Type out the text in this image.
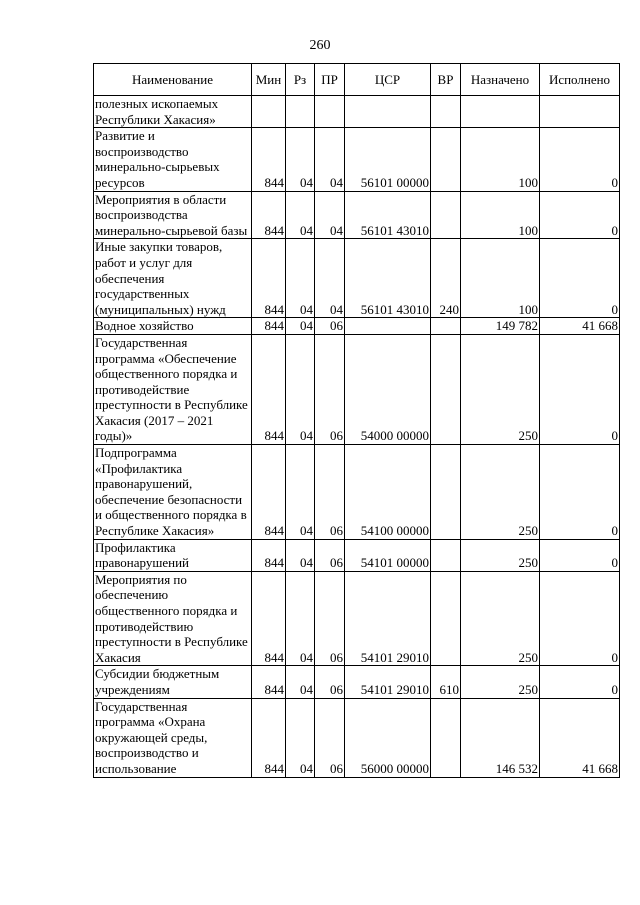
260
Наименование	Мин	Рз	ПР	ЦСР	ВР	Назначено	Исполнено
полезных ископаемых Республики Хакасия»							
Развитие и воспроизводство минерально-сырьевых ресурсов	844	04	04	56101 00000		100	0
Мероприятия в области воспроизводства минерально-сырьевой базы	844	04	04	56101 43010		100	0
Иные закупки товаров, работ и услуг для обеспечения государственных (муниципальных) нужд	844	04	04	56101 43010	240	100	0
Водное хозяйство	844	04	06			149 782	41 668
Государственная программа «Обеспечение общественного порядка и противодействие преступности в Республике Хакасия (2017 – 2021 годы)»	844	04	06	54000 00000		250	0
Подпрограмма «Профилактика правонарушений, обеспечение безопасности и общественного порядка в Республике Хакасия»	844	04	06	54100 00000		250	0
Профилактика правонарушений	844	04	06	54101 00000		250	0
Мероприятия по обеспечению общественного порядка и противодействию преступности в Республике Хакасия	844	04	06	54101 29010		250	0
Субсидии бюджетным учреждениям	844	04	06	54101 29010	610	250	0
Государственная программа «Охрана окружающей среды, воспроизводство и использование	844	04	06	56000 00000		146 532	41 668
